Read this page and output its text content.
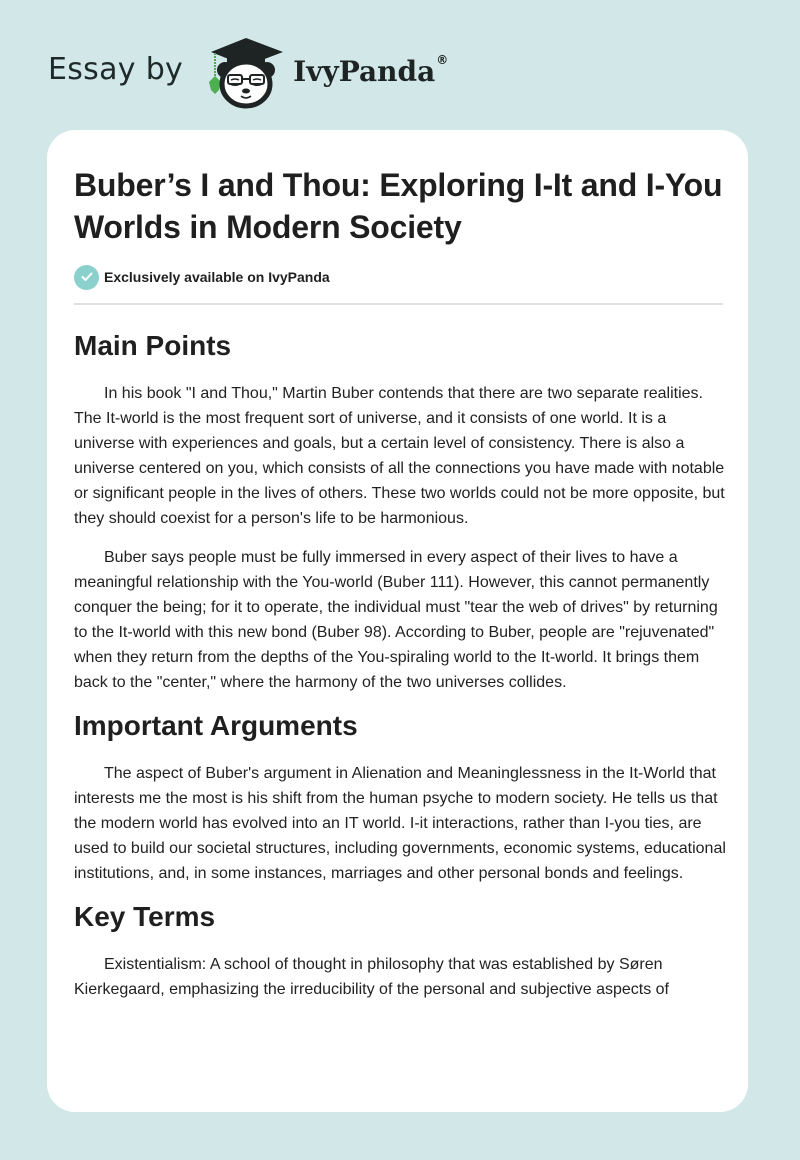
Essay by	IvyPanda®
Buber’s I and Thou: Exploring I-It and I-You Worlds in Modern Society
Exclusively available on IvyPanda
Main Points

In his book "I and Thou," Martin Buber contends that there are two separate realities. The It-world is the most frequent sort of universe, and it consists of one world. It is a universe with experiences and goals, but a certain level of consistency. There is also a universe centered on you, which consists of all the connections you have made with notable or significant people in the lives of others. These two worlds could not be more opposite, but they should coexist for a person's life to be harmonious.

Buber says people must be fully immersed in every aspect of their lives to have a meaningful relationship with the You-world (Buber 111). However, this cannot permanently conquer the being; for it to operate, the individual must "tear the web of drives" by returning to the It-world with this new bond (Buber 98). According to Buber, people are "rejuvenated" when they return from the depths of the You-spiraling world to the It-world. It brings them back to the "center," where the harmony of the two universes collides.

Important Arguments

The aspect of Buber's argument in Alienation and Meaninglessness in the It-World that interests me the most is his shift from the human psyche to modern society. He tells us that the modern world has evolved into an IT world. I-it interactions, rather than I-you ties, are used to build our societal structures, including governments, economic systems, educational institutions, and, in some instances, marriages and other personal bonds and feelings.

Key Terms

Existentialism: A school of thought in philosophy that was established by Søren Kierkegaard, emphasizing the irreducibility of the personal and subjective aspects of
